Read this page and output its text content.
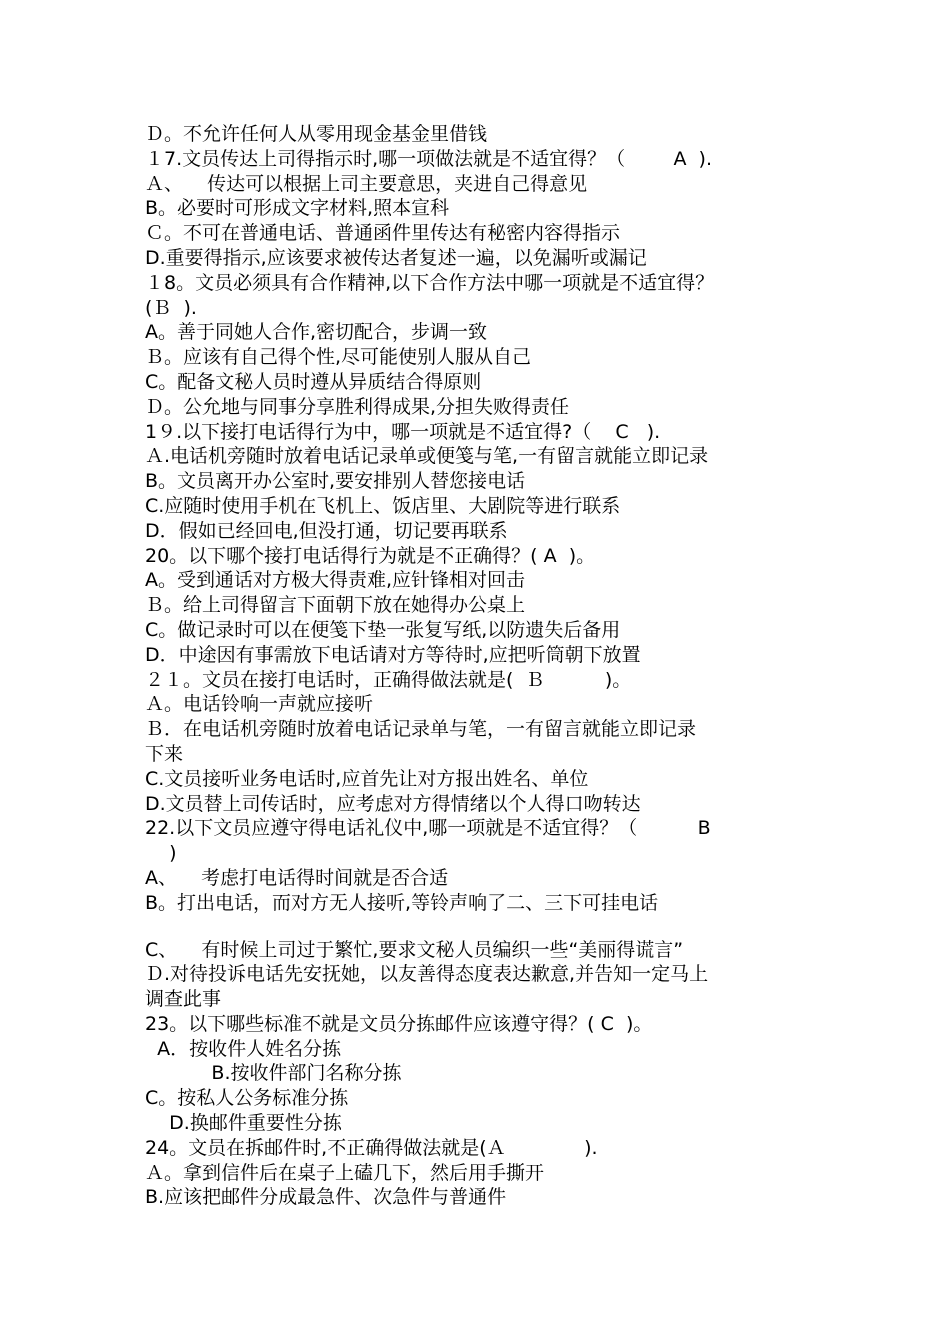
Ｄ。不允许任何人从零用现金基金里借钱
１7.文员传达上司得指示时,哪一项做法就是不适宜得？（        A  ).
Ａ、    传达可以根据上司主要意思，夹进自己得意见
B。必要时可形成文字材料,照本宣科
Ｃ。不可在普通电话、普通函件里传达有秘密内容得指示
D.重要得指示,应该要求被传达者复述一遍，以免漏听或漏记
１8。文员必须具有合作精神,以下合作方法中哪一项就是不适宜得？
(Ｂ  ).
A。善于同她人合作,密切配合，步调一致
Ｂ。应该有自己得个性,尽可能使别人服从自己
C。配备文秘人员时遵从异质结合得原则
Ｄ。公允地与同事分享胜利得成果,分担失败得责任
1９.以下接打电话得行为中，哪一项就是不适宜得?（    C   ).
Ａ.电话机旁随时放着电话记录单或便笺与笔,一有留言就能立即记录
B。文员离开办公室时,要安排别人替您接电话
C.应随时使用手机在飞机上、饭店里、大剧院等进行联系
D．假如已经回电,但没打通，切记要再联系
20。以下哪个接打电话得行为就是不正确得？( A  )。
A。受到通话对方极大得责难,应针锋相对回击
Ｂ。给上司得留言下面朝下放在她得办公桌上
C。做记录时可以在便笺下垫一张复写纸,以防遗失后备用
D．中途因有事需放下电话请对方等待时,应把听筒朝下放置
２１。文员在接打电话时，正确得做法就是(  Ｂ          )。
Ａ。电话铃响一声就应接听
Ｂ．在电话机旁随时放着电话记录单与笔，一有留言就能立即记录
下来
C.文员接听业务电话时,应首先让对方报出姓名、单位
D.文员替上司传话时，应考虑对方得情绪以个人得口吻转达
22.以下文员应遵守得电话礼仪中,哪一项就是不适宜得？（          B
)
A、    考虑打电话得时间就是否合适
B。打出电话，而对方无人接听,等铃声响了二、三下可挂电话
C、    有时候上司过于繁忙,要求文秘人员编织一些“美丽得谎言”
Ｄ.对待投诉电话先安抚她，以友善得态度表达歉意,并告知一定马上
调查此事
23。以下哪些标准不就是文员分拣邮件应该遵守得？( C  )。
A．按收件人姓名分拣
B.按收件部门名称分拣
C。按私人公务标准分拣
D.换邮件重要性分拣
24。文员在拆邮件时,不正确得做法就是(Ａ             ).
Ａ。拿到信件后在桌子上磕几下，然后用手撕开
B.应该把邮件分成最急件、次急件与普通件
